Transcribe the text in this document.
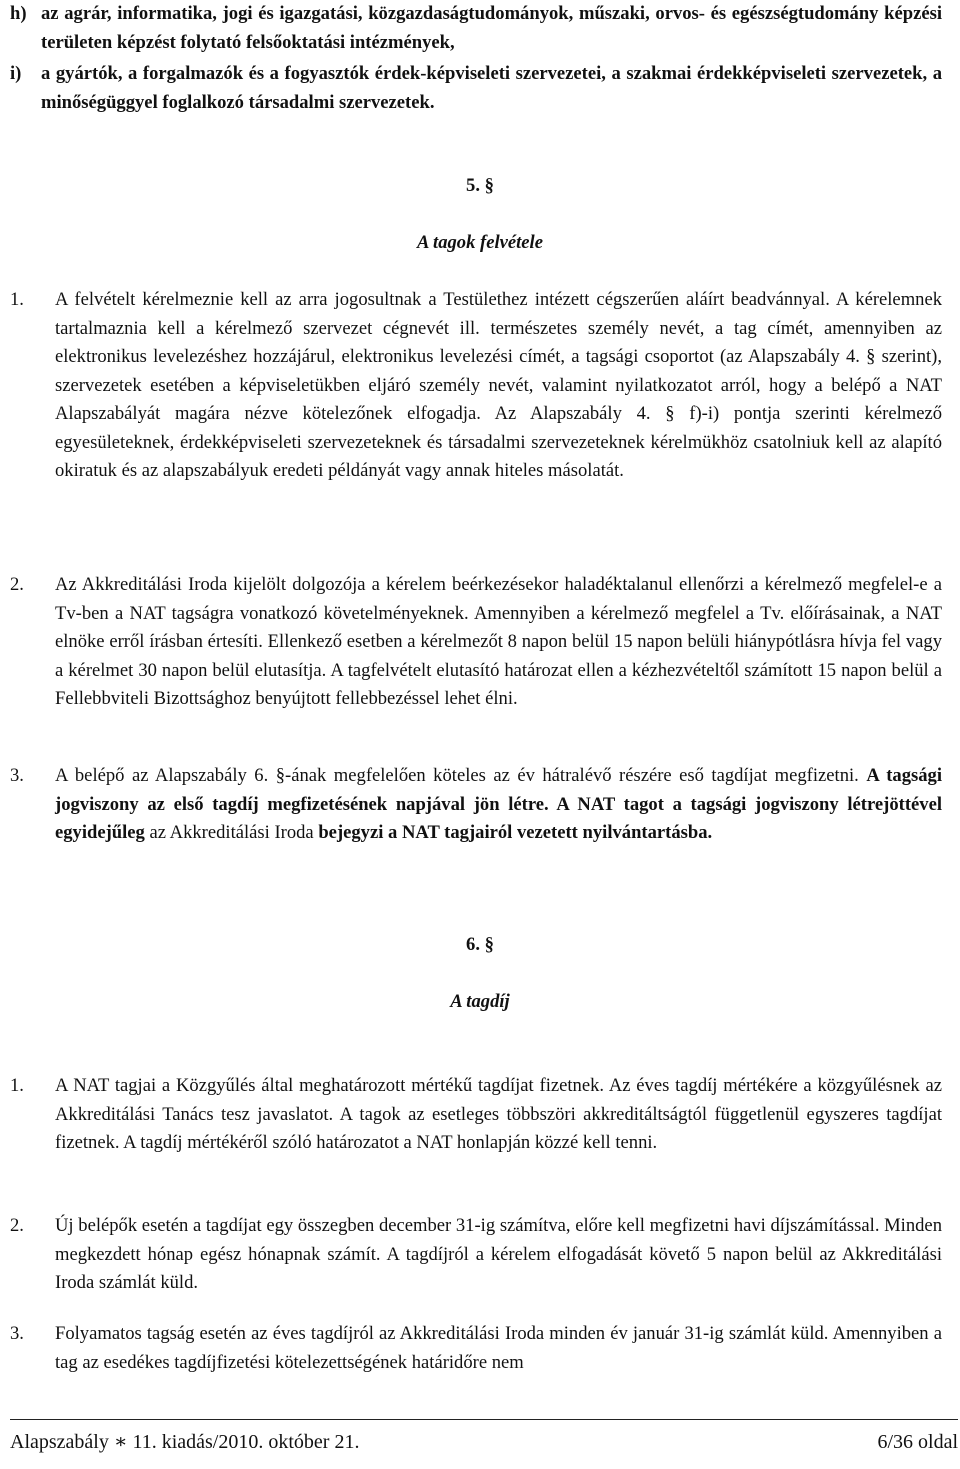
h) az agrár, informatika, jogi és igazgatási, közgazdaságtudományok, műszaki, orvos- és egészségtudomány képzési területen képzést folytató felsőoktatási intézmények,
i) a gyártók, a forgalmazók és a fogyasztók érdek-képviseleti szervezetei, a szakmai érdekképviseleti szervezetek, a minőségüggyel foglalkozó társadalmi szervezetek.
5. §
A tagok felvétele
1. A felvételt kérelmeznie kell az arra jogosultnak a Testülethez intézett cégszerűen aláírt beadvánnyal. A kérelemnek tartalmaznia kell a kérelmező szervezet cégnevét ill. természetes személy nevét, a tag címét, amennyiben az elektronikus levelezéshez hozzájárul, elektronikus levelezési címét, a tagsági csoportot (az Alapszabály 4. § szerint), szervezetek esetében a képviseletükben eljáró személy nevét, valamint nyilatkozatot arról, hogy a belépő a NAT Alapszabályát magára nézve kötelezőnek elfogadja. Az Alapszabály 4. § f)-i) pontja szerinti kérelmező egyesületeknek, érdekképviseleti szervezeteknek és társadalmi szervezeteknek kérelmükhöz csatolniuk kell az alapító okiratuk és az alapszabályuk eredeti példányát vagy annak hiteles másolatát.
2. Az Akkreditálási Iroda kijelölt dolgozója a kérelem beérkezésekor haladéktalanul ellenőrzi a kérelmező megfelel-e a Tv-ben a NAT tagságra vonatkozó követelményeknek. Amennyiben a kérelmező megfelel a Tv. előírásainak, a NAT elnöke erről írásban értesíti. Ellenkező esetben a kérelmezőt 8 napon belül 15 napon belüli hiánypótlásra hívja fel vagy a kérelmet 30 napon belül elutasítja. A tagfelvételt elutasító határozat ellen a kézhezvételtől számított 15 napon belül a Fellebbviteli Bizottsághoz benyújtott fellebbezéssel lehet élni.
3. A belépő az Alapszabály 6. §-ának megfelelően köteles az év hátralévő részére eső tagdíjat megfizetni. A tagsági jogviszony az első tagdíj megfizetésének napjával jön létre. A NAT tagot a tagsági jogviszony létrejöttével egyidejűleg az Akkreditálási Iroda bejegyzi a NAT tagjairól vezetett nyilvántartásba.
6. §
A tagdíj
1. A NAT tagjai a Közgyűlés által meghatározott mértékű tagdíjat fizetnek. Az éves tagdíj mértékére a közgyűlésnek az Akkreditálási Tanács tesz javaslatot. A tagok az esetleges többszöri akkreditáltságtól függetlenül egyszeres tagdíjat fizetnek. A tagdíj mértékéről szóló határozatot a NAT honlapján közzé kell tenni.
2. Új belépők esetén a tagdíjat egy összegben december 31-ig számítva, előre kell megfizetni havi díjszámítással. Minden megkezdett hónap egész hónapnak számít. A tagdíjról a kérelem elfogadását követő 5 napon belül az Akkreditálási Iroda számlát küld.
3. Folyamatos tagság esetén az éves tagdíjról az Akkreditálási Iroda minden év január 31-ig számlát küld. Amennyiben a tag az esedékes tagdíjfizetési kötelezettségének határidőre nem
Alapszabály ∗ 11. kiadás/2010. október 21.	6/36 oldal
